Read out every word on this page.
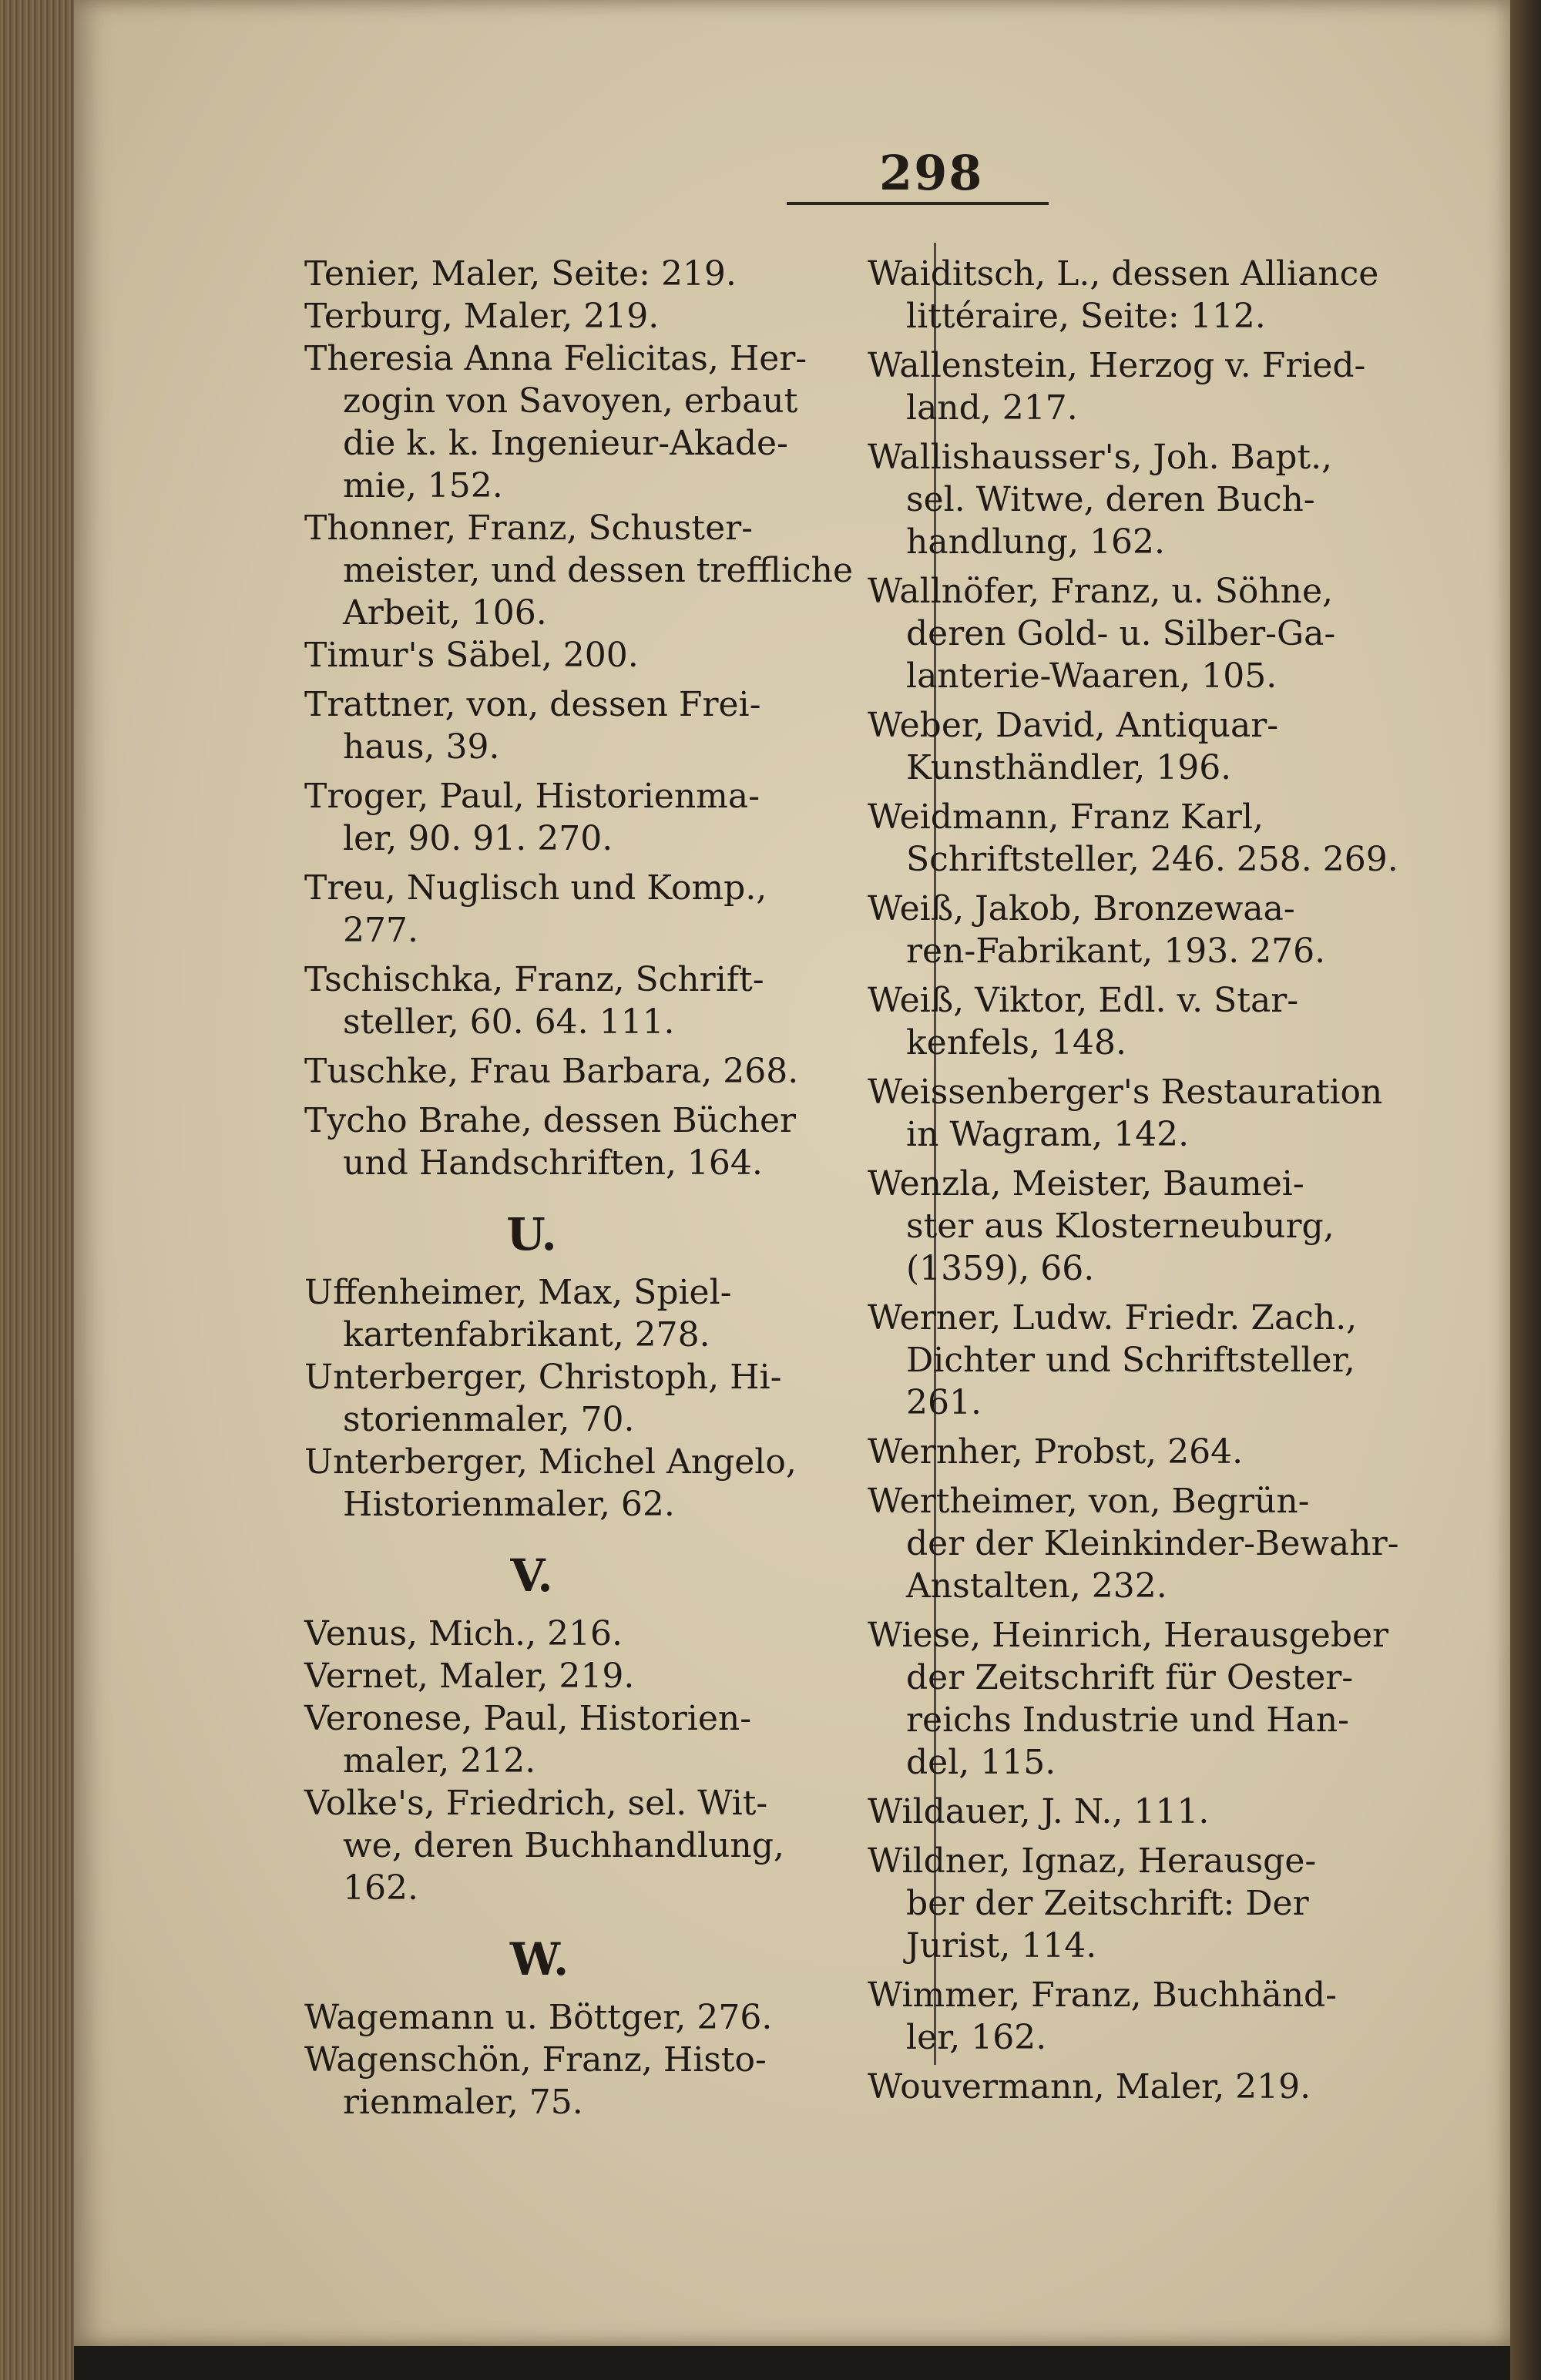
298
Tenier, Maler, Seite: 219.
Terburg, Maler, 219.
Theresia Anna Felicitas, Her-
zogin von Savoyen, erbaut
die k. k. Ingenieur-Akade-
mie, 152.
Thonner, Franz, Schuster-
meister, und dessen treffliche
Arbeit, 106.
Timur's Säbel, 200.
Trattner, von, dessen Frei-
haus, 39.
Troger, Paul, Historienma-
ler, 90. 91. 270.
Treu, Nuglisch und Komp.,
277.
Tschischka, Franz, Schrift-
steller, 60. 64. 111.
Tuschke, Frau Barbara, 268.
Tycho Brahe, dessen Bücher
und Handschriften, 164.
U.
Uffenheimer, Max, Spiel-
kartenfabrikant, 278.
Unterberger, Christoph, Hi-
storienmaler, 70.
Unterberger, Michel Angelo,
Historienmaler, 62.
V.
Venus, Mich., 216.
Vernet, Maler, 219.
Veronese, Paul, Historien-
maler, 212.
Volke's, Friedrich, sel. Wit-
we, deren Buchhandlung,
162.
W.
Wagemann u. Böttger, 276.
Wagenschön, Franz, Histo-
rienmaler, 75.
Waiditsch, L., dessen Alliance
littéraire, Seite: 112.
Wallenstein, Herzog v. Fried-
land, 217.
Wallishausser's, Joh. Bapt.,
sel. Witwe, deren Buch-
handlung, 162.
Wallnöfer, Franz, u. Söhne,
deren Gold- u. Silber-Ga-
lanterie-Waaren, 105.
Weber, David, Antiquar-
Kunsthändler, 196.
Weidmann, Franz Karl,
Schriftsteller, 246. 258. 269.
Weiß, Jakob, Bronzewaa-
ren-Fabrikant, 193. 276.
Weiß, Viktor, Edl. v. Star-
kenfels, 148.
Weissenberger's Restauration
in Wagram, 142.
Wenzla, Meister, Baumei-
ster aus Klosterneuburg,
(1359), 66.
Werner, Ludw. Friedr. Zach.,
Dichter und Schriftsteller,
261.
Wernher, Probst, 264.
Wertheimer, von, Begrün-
der der Kleinkinder-Bewahr-
Anstalten, 232.
Wiese, Heinrich, Herausgeber
der Zeitschrift für Oester-
reichs Industrie und Han-
del, 115.
Wildauer, J. N., 111.
Wildner, Ignaz, Herausge-
ber der Zeitschrift: Der
Jurist, 114.
Wimmer, Franz, Buchhänd-
ler, 162.
Wouvermann, Maler, 219.
